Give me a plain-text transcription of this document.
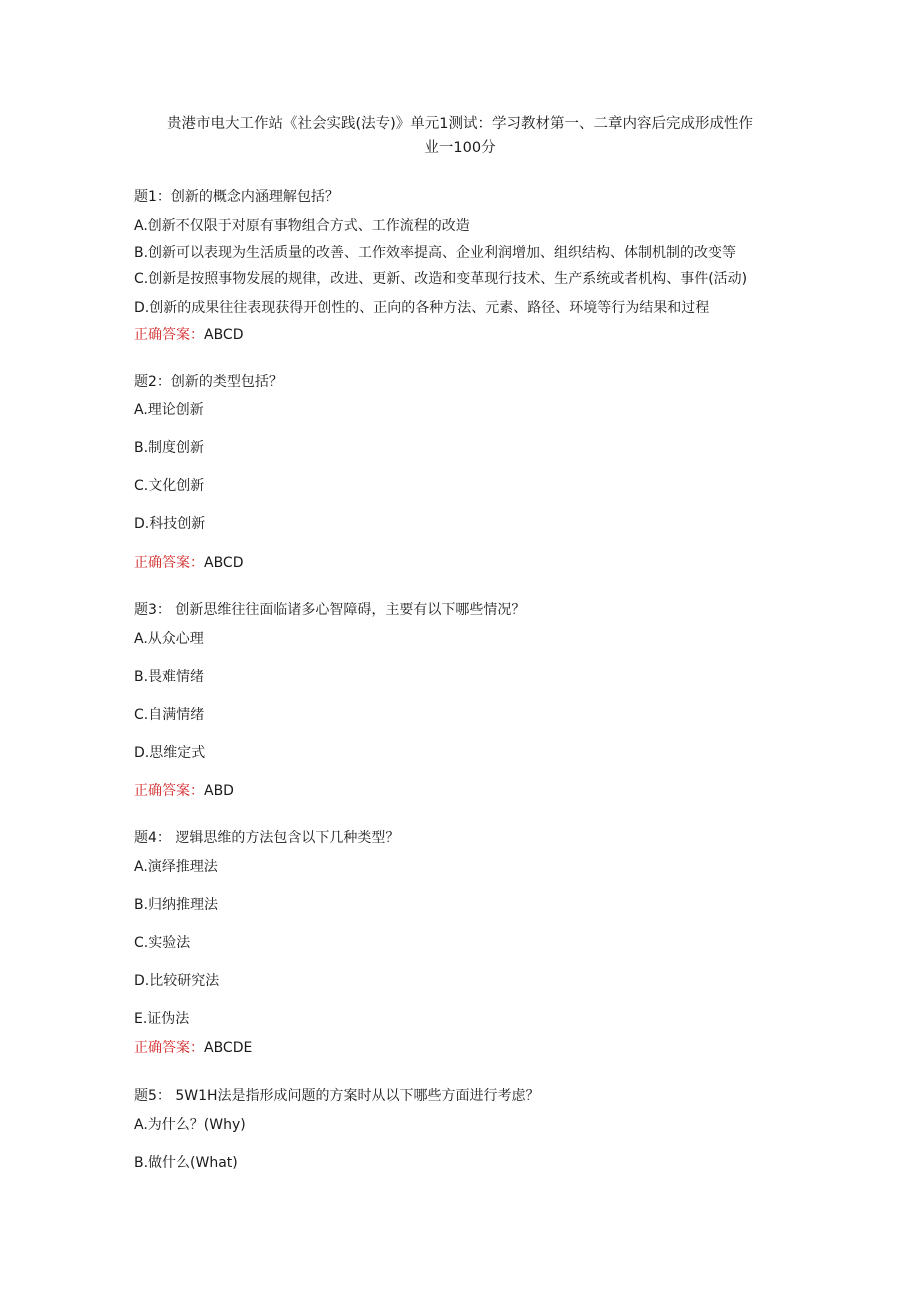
贵港市电大工作站《社会实践(法专)》单元1测试：学习教材第一、二章内容后完成形成性作
业一100分
题1：创新的概念内涵理解包括？
A.创新不仅限于对原有事物组合方式、工作流程的改造
B.创新可以表现为生活质量的改善、工作效率提高、企业利润增加、组织结构、体制机制的改变等
C.创新是按照事物发展的规律，改进、更新、改造和变革现行技术、生产系统或者机构、事件(活动)
D.创新的成果往往表现获得开创性的、正向的各种方法、元素、路径、环境等行为结果和过程
正确答案：ABCD
题2：创新的类型包括？
A.理论创新
B.制度创新
C.文化创新
D.科技创新
正确答案：ABCD
题3： 创新思维往往面临诸多心智障碍，主要有以下哪些情况？
A.从众心理
B.畏难情绪
C.自满情绪
D.思维定式
正确答案：ABD
题4： 逻辑思维的方法包含以下几种类型？
A.演绎推理法
B.归纳推理法
C.实验法
D.比较研究法
E.证伪法
正确答案：ABCDE
题5： 5W1H法是指形成问题的方案时从以下哪些方面进行考虑？
A.为什么？(Why)
B.做什么(What)
